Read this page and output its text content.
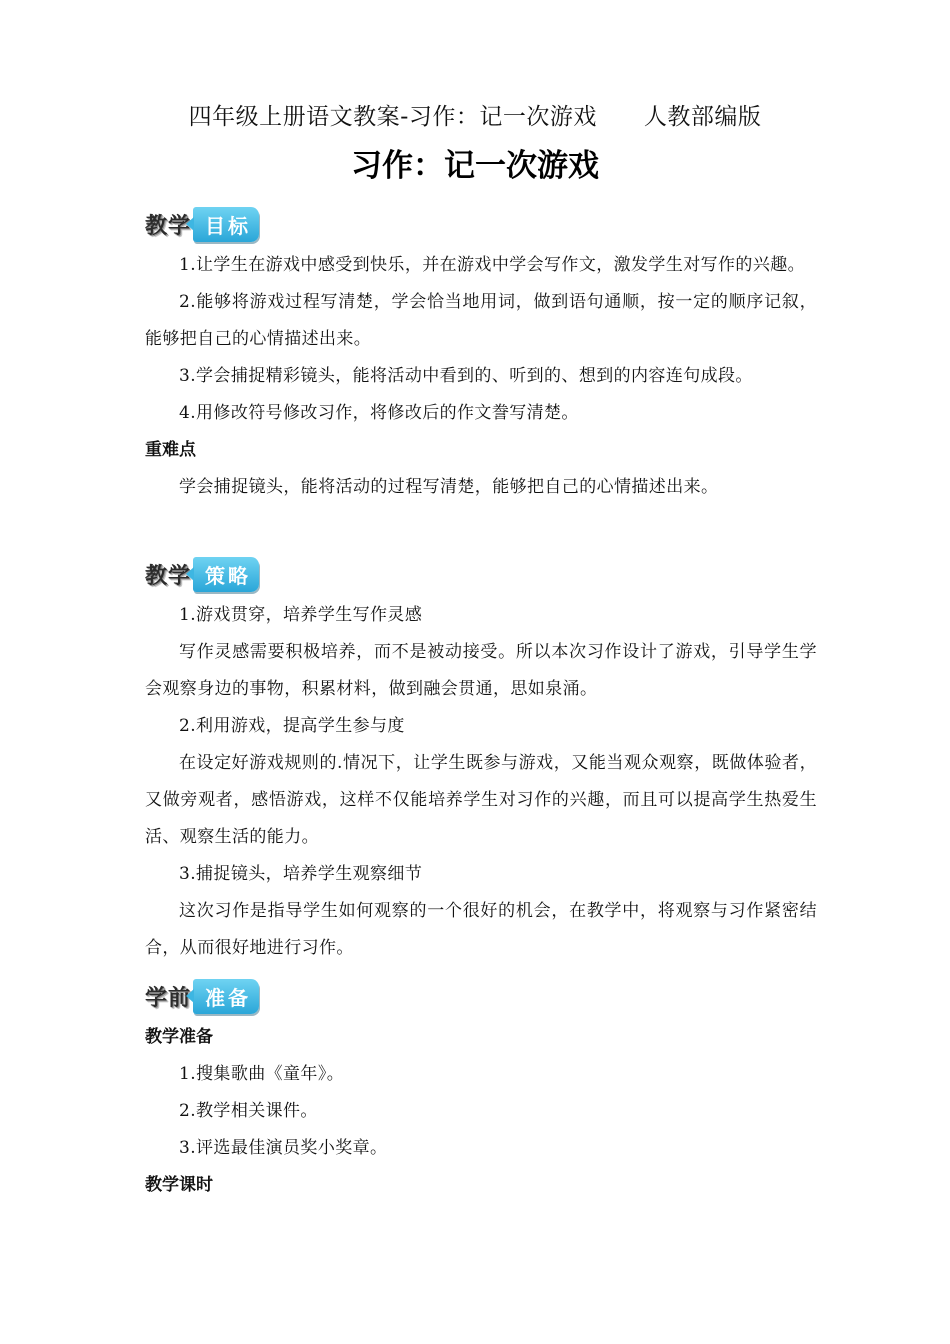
四年级上册语文教案-习作：记一次游戏　　人教部编版
习作：记一次游戏
教学 目标

1.让学生在游戏中感受到快乐，并在游戏中学会写作文，激发学生对写作的兴趣。

2.能够将游戏过程写清楚，学会恰当地用词，做到语句通顺，按一定的顺序记叙，能够把自己的心情描述出来。

3.学会捕捉精彩镜头，能将活动中看到的、听到的、想到的内容连句成段。

4.用修改符号修改习作，将修改后的作文誊写清楚。

重难点

学会捕捉镜头，能将活动的过程写清楚，能够把自己的心情描述出来。

教学 策略

1.游戏贯穿，培养学生写作灵感

写作灵感需要积极培养，而不是被动接受。所以本次习作设计了游戏，引导学生学会观察身边的事物，积累材料，做到融会贯通，思如泉涌。

2.利用游戏，提高学生参与度

在设定好游戏规则的.情况下，让学生既参与游戏，又能当观众观察，既做体验者，又做旁观者，感悟游戏，这样不仅能培养学生对习作的兴趣，而且可以提高学生热爱生活、观察生活的能力。

3.捕捉镜头，培养学生观察细节

这次习作是指导学生如何观察的一个很好的机会，在教学中，将观察与习作紧密结合，从而很好地进行习作。

学前 准备

教学准备

1.搜集歌曲《童年》。

2.教学相关课件。

3.评选最佳演员奖小奖章。

教学课时
